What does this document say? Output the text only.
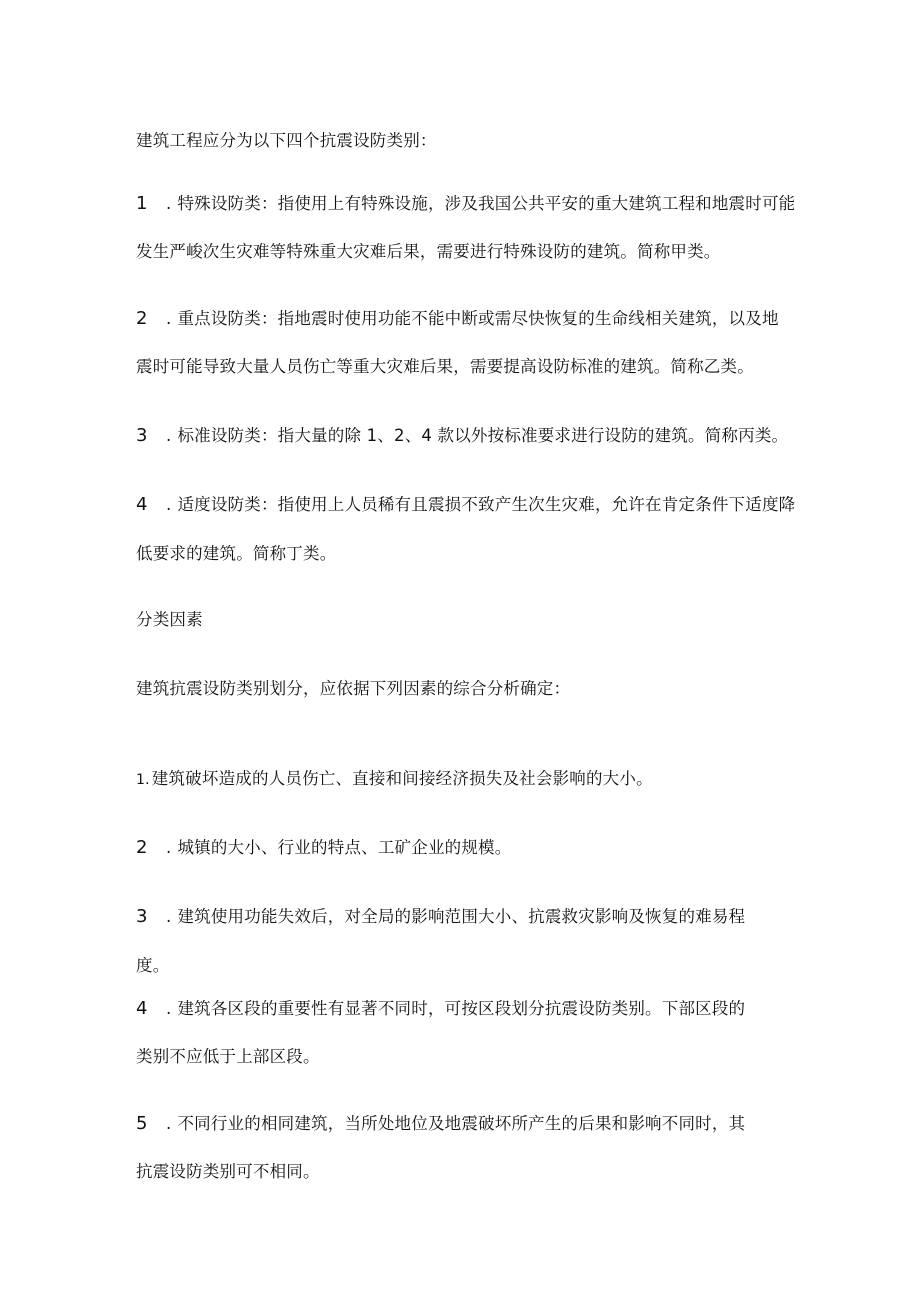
建筑工程应分为以下四个抗震设防类别：

1 . 特殊设防类：指使用上有特殊设施，涉及我国公共平安的重大建筑工程和地震时可能

发生严峻次生灾难等特殊重大灾难后果，需要进行特殊设防的建筑。简称甲类。

2 . 重点设防类：指地震时使用功能不能中断或需尽快恢复的生命线相关建筑，以及地

震时可能导致大量人员伤亡等重大灾难后果，需要提高设防标准的建筑。简称乙类。

3 . 标准设防类：指大量的除 1、2、4 款以外按标准要求进行设防的建筑。简称丙类。

4 . 适度设防类：指使用上人员稀有且震损不致产生次生灾难，允许在肯定条件下适度降

低要求的建筑。简称丁类。

分类因素

建筑抗震设防类别划分，应依据下列因素的综合分析确定：

1. 建筑破坏造成的人员伤亡、直接和间接经济损失及社会影响的大小。

2 . 城镇的大小、行业的特点、工矿企业的规模。

3 . 建筑使用功能失效后，对全局的影响范围大小、抗震救灾影响及恢复的难易程

度。

4 . 建筑各区段的重要性有显著不同时，可按区段划分抗震设防类别。下部区段的

类别不应低于上部区段。

5 . 不同行业的相同建筑，当所处地位及地震破坏所产生的后果和影响不同时，其

抗震设防类别可不相同。
